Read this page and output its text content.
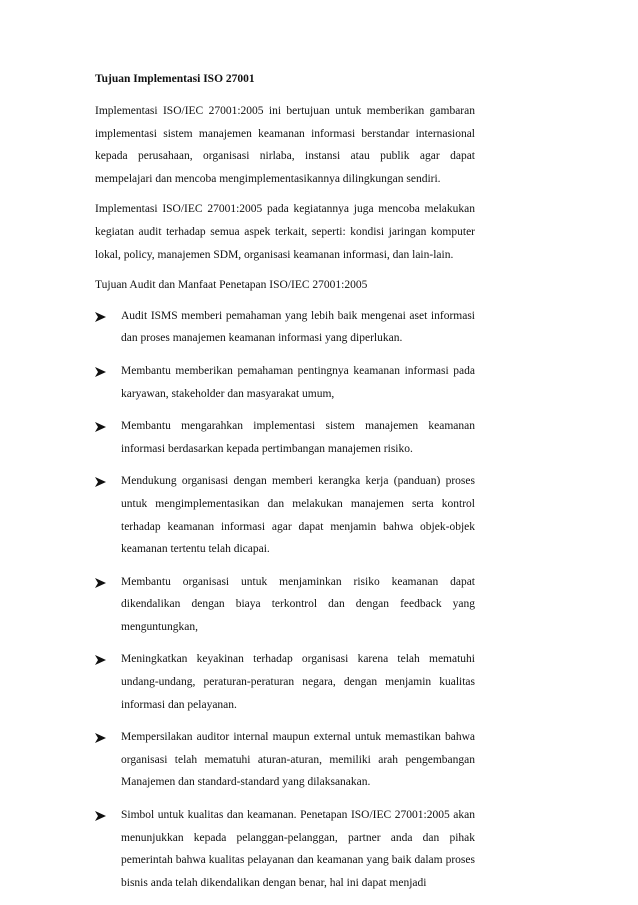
Tujuan Implementasi ISO 27001

Implementasi ISO/IEC 27001:2005 ini bertujuan untuk memberikan gambaran implementasi sistem manajemen keamanan informasi berstandar internasional kepada perusahaan, organisasi nirlaba, instansi atau publik agar dapat mempelajari dan mencoba mengimplementasikannya dilingkungan sendiri.

Implementasi ISO/IEC 27001:2005 pada kegiatannya juga mencoba melakukan kegiatan audit terhadap semua aspek terkait, seperti: kondisi jaringan komputer lokal, policy, manajemen SDM, organisasi keamanan informasi, dan lain-lain.

Tujuan Audit dan Manfaat Penetapan ISO/IEC 27001:2005

Audit ISMS memberi pemahaman yang lebih baik mengenai aset informasi dan proses manajemen keamanan informasi yang diperlukan.
Membantu memberikan pemahaman pentingnya keamanan informasi pada karyawan, stakeholder dan masyarakat umum,
Membantu mengarahkan implementasi sistem manajemen keamanan informasi berdasarkan kepada pertimbangan manajemen risiko.
Mendukung organisasi dengan memberi kerangka kerja (panduan) proses untuk mengimplementasikan dan melakukan manajemen serta kontrol terhadap keamanan informasi agar dapat menjamin bahwa objek-objek keamanan tertentu telah dicapai.
Membantu organisasi untuk menjaminkan risiko keamanan dapat dikendalikan dengan biaya terkontrol dan dengan feedback yang menguntungkan,
Meningkatkan keyakinan terhadap organisasi karena telah mematuhi undang-undang, peraturan-peraturan negara, dengan menjamin kualitas informasi dan pelayanan.
Mempersilakan auditor internal maupun external untuk memastikan bahwa organisasi telah mematuhi aturan-aturan, memiliki arah pengembangan Manajemen dan standard-standard yang dilaksanakan.
Simbol untuk kualitas dan keamanan. Penetapan ISO/IEC 27001:2005 akan menunjukkan kepada pelanggan-pelanggan, partner anda dan pihak pemerintah bahwa kualitas pelayanan dan keamanan yang baik dalam proses bisnis anda telah dikendalikan dengan benar, hal ini dapat menjadi
